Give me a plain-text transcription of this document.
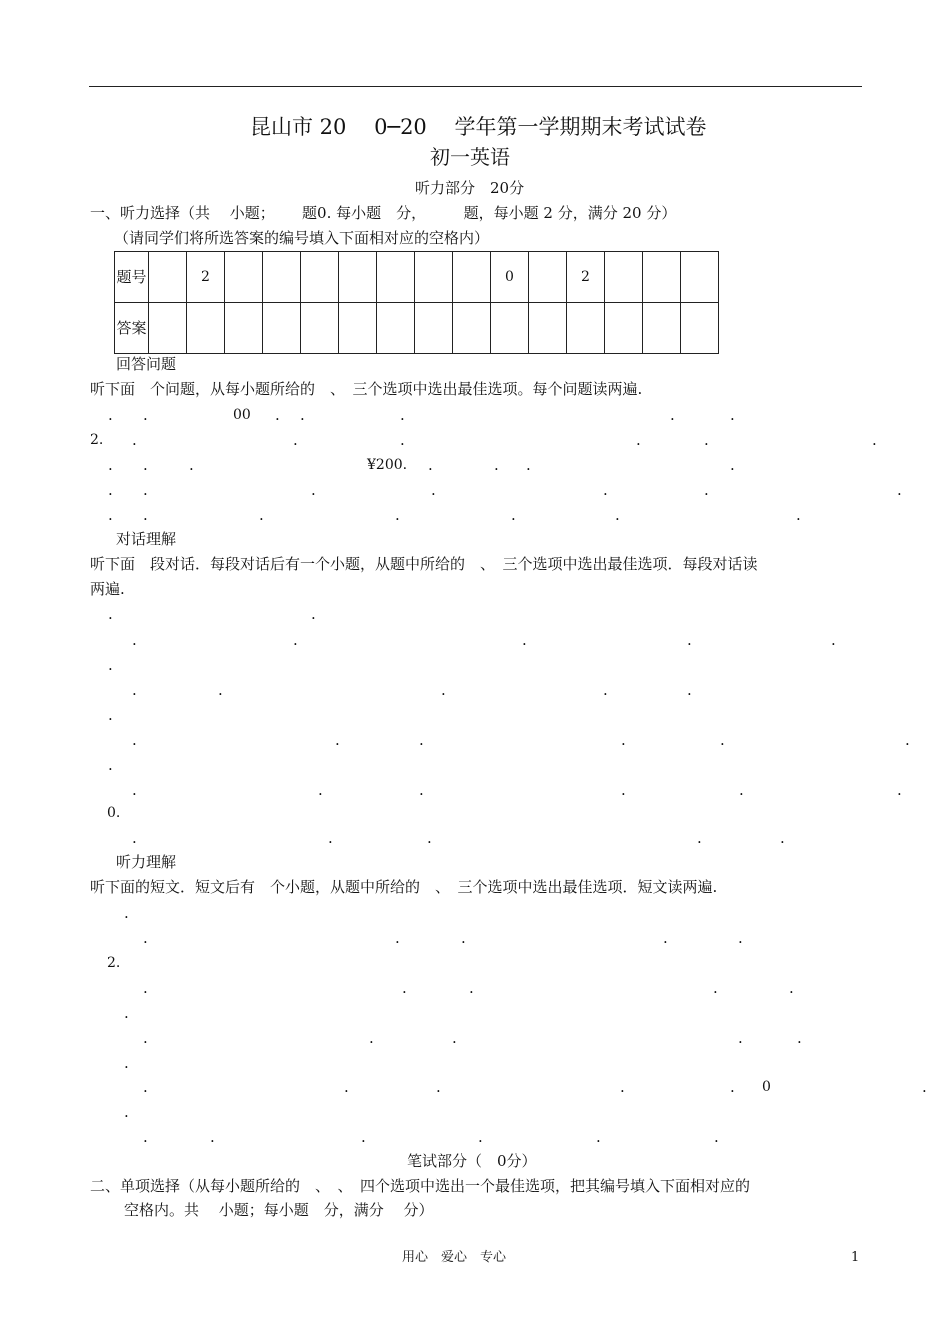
昆山市 20　 0─20　 学年第一学期期末考试试卷
初一英语
听力部分　20分
一、听力选择（共　 小题；　　 题0. 每小题　分，　　　题，每小题 2 分，满分 20 分）
（请同学们将所选答案的编号填入下面相对应的空格内）
题号		2								0		2			
答案															
回答问题
听下面　个问题，从每小题所给的　、　三个选项中选出最佳选项。每个问题读两遍.
00
2.
¥200.
对话理解
听下面　段对话．每段对话后有一个小题，从题中所给的　、　三个选项中选出最佳选项．每段对话读
两遍.
0.
听力理解
听下面的短文．短文后有　个小题，从题中所给的　、　三个选项中选出最佳选项．短文读两遍.
2.
0
笔试部分（　0分）
二、单项选择（从每小题所给的　、　、　四个选项中选出一个最佳选项，把其编号填入下面相对应的
空格内。共　 小题；每小题　分，满分　 分）
用心　爱心　专心	1
. .	. .	.	.	.
.	.	.	.	.	.
. .	.	.	. .	.
. .	.	.	.	.	.
. .	.	.	.	.	.
.	.
.	.	.	.	.
.
.	.	.	.	.
.
.	.	.	.	.	.
.
.	.	.	.	.	.
.	.	.	.	.
.
.	.	.	.	.
.	.	.	.	.
.
.	.	.	.	.
.
.	.	.	.	.	.
.
.	.	.	.	.	.
